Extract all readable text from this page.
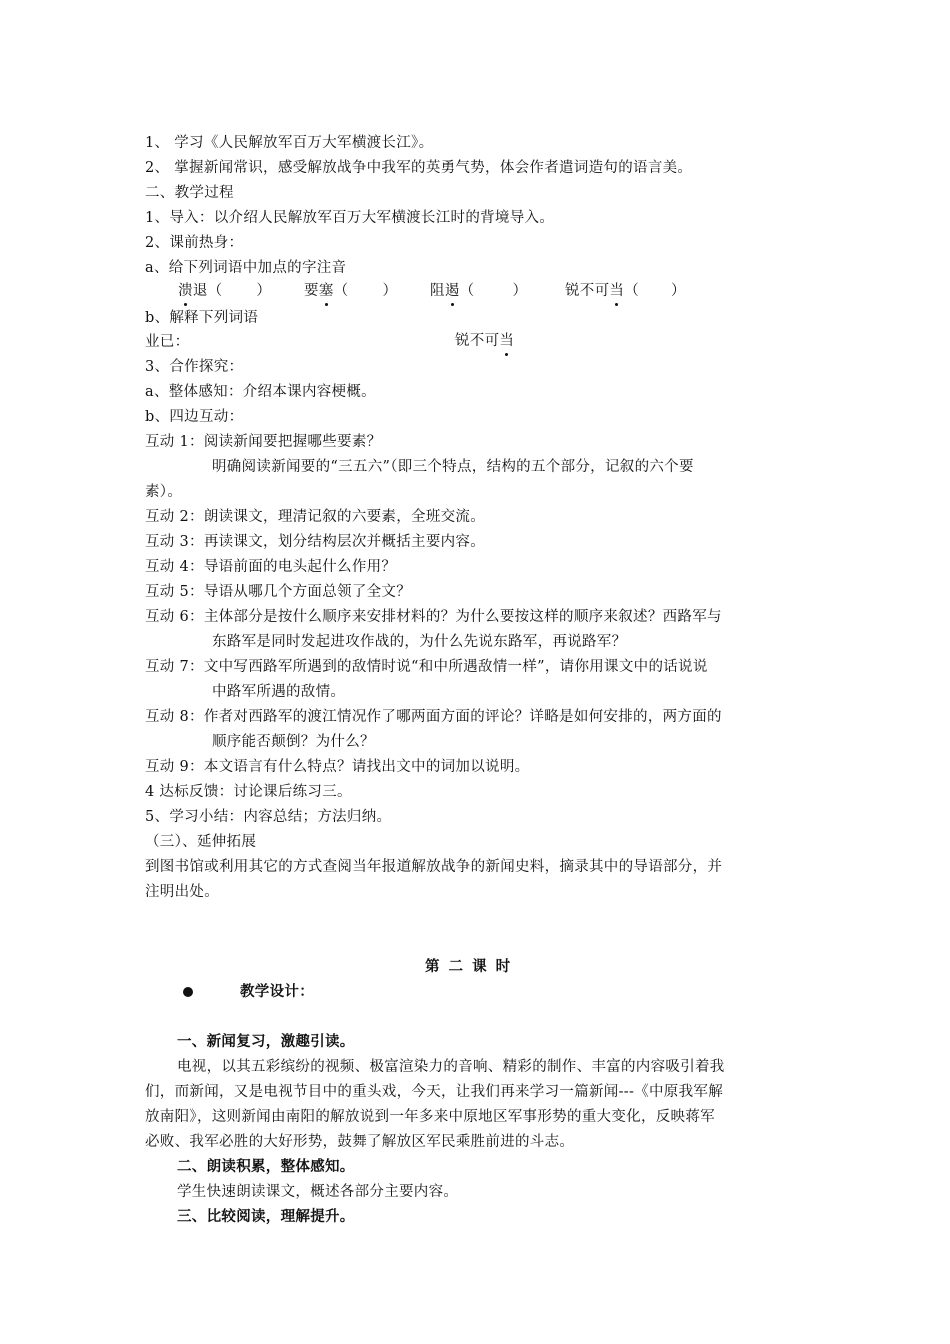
1、 学习《人民解放军百万大军横渡长江》。
2、 掌握新闻常识，感受解放战争中我军的英勇气势，体会作者遣词造句的语言美。
二、教学过程
1、导入：以介绍人民解放军百万大军横渡长江时的背境导入。
2、课前热身：
a、给下列词语中加点的字注音
溃退（ ） 要塞（ ） 阻遏（	）	锐不可当（ ）
b、解释下列词语
业已：	锐不可当
3、合作探究：
a、整体感知：介绍本课内容梗概。
b、四边互动：
互动 1：阅读新闻要把握哪些要素？
明确阅读新闻要的“三五六”（即三个特点，结构的五个部分，记叙的六个要
素）。
互动 2：朗读课文，理清记叙的六要素，全班交流。
互动 3：再读课文，划分结构层次并概括主要内容。
互动 4：导语前面的电头起什么作用？
互动 5：导语从哪几个方面总领了全文？
互动 6：主体部分是按什么顺序来安排材料的？为什么要按这样的顺序来叙述？西路军与
东路军是同时发起进攻作战的，为什么先说东路军，再说路军？
互动 7：文中写西路军所遇到的敌情时说“和中所遇敌情一样”，请你用课文中的话说说
中路军所遇的敌情。
互动 8：作者对西路军的渡江情况作了哪两面方面的评论？详略是如何安排的，两方面的
顺序能否颠倒？为什么？
互动 9：本文语言有什么特点？请找出文中的词加以说明。
4 达标反馈：讨论课后练习三。
5、学习小结：内容总结；方法归纳。
（三）、延伸拓展
到图书馆或利用其它的方式查阅当年报道解放战争的新闻史料，摘录其中的导语部分，并
注明出处。
第 二 课 时
教学设计：
一、新闻复习，激趣引读。
电视，以其五彩缤纷的视频、极富渲染力的音响、精彩的制作、丰富的内容吸引着我
们，而新闻，又是电视节目中的重头戏，今天，让我们再来学习一篇新闻---《中原我军解
放南阳》，这则新闻由南阳的解放说到一年多来中原地区军事形势的重大变化，反映蒋军
必败、我军必胜的大好形势，鼓舞了解放区军民乘胜前进的斗志。
二、朗读积累，整体感知。
学生快速朗读课文，概述各部分主要内容。
三、比较阅读，理解提升。
